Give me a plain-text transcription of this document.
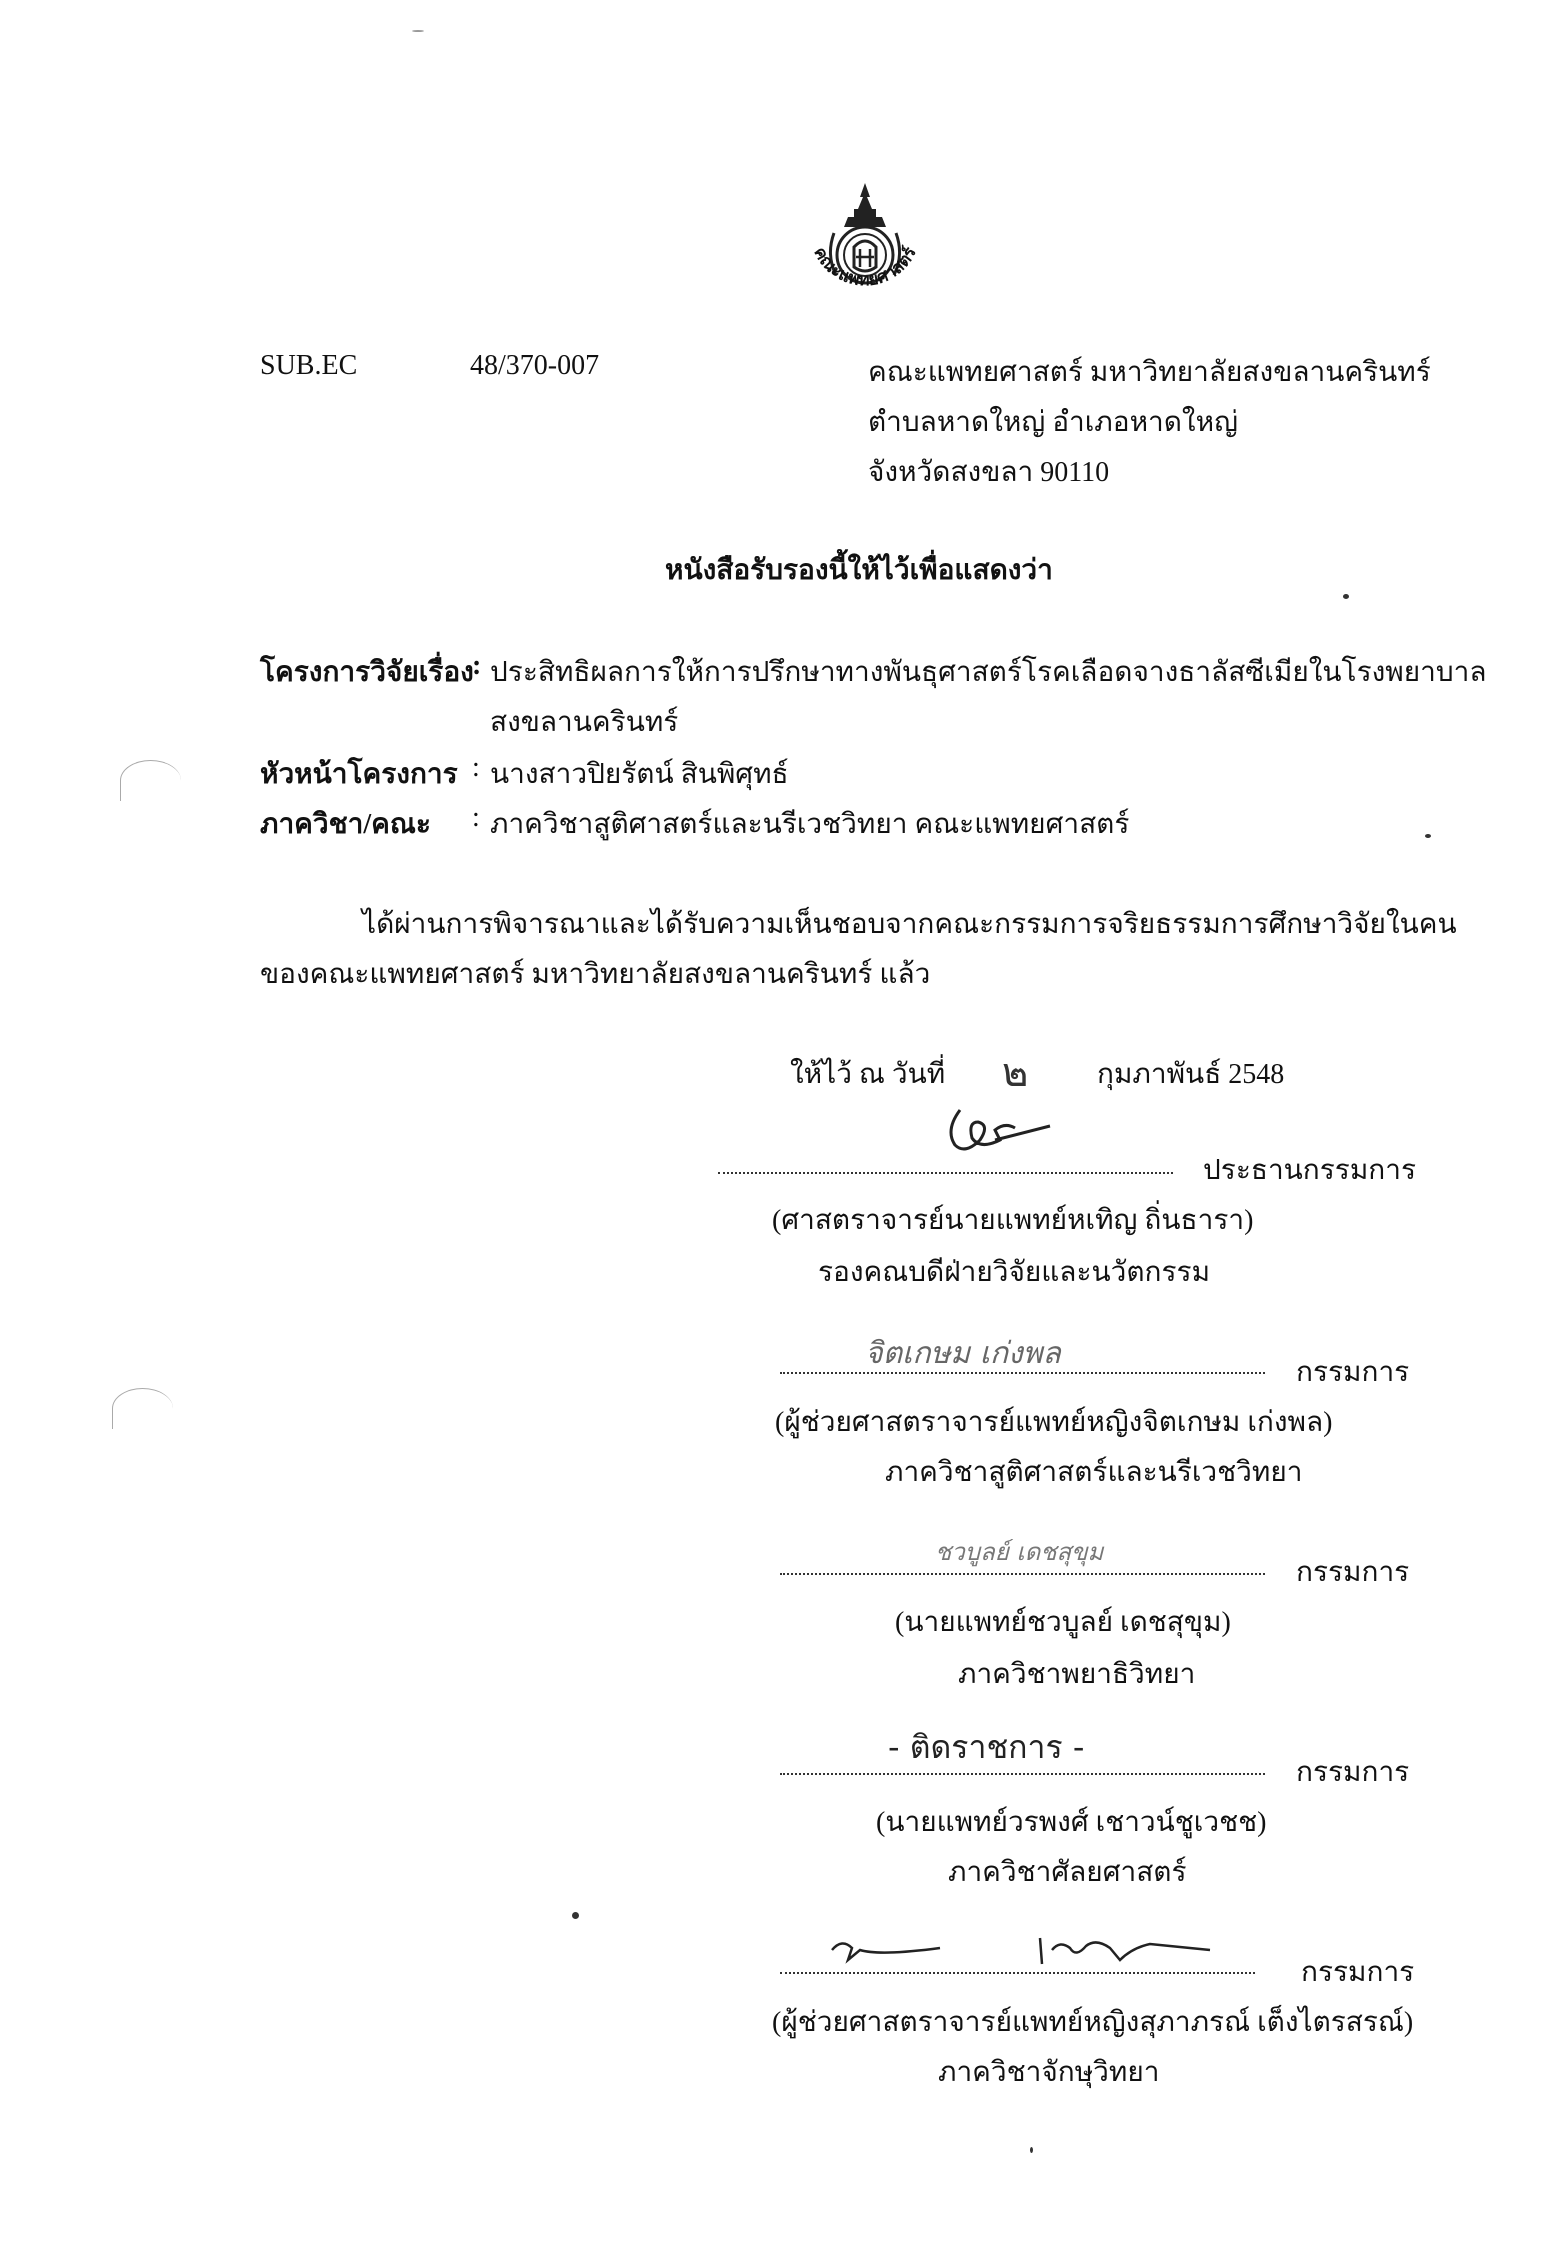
คณะแพทยศาสตร์
SUB.EC	48/370-007	คณะแพทยศาสตร์ มหาวิทยาลัยสงขลานครินทร์
ตำบลหาดใหญ่ อำเภอหาดใหญ่
จังหวัดสงขลา 90110
หนังสือรับรองนี้ให้ไว้เพื่อแสดงว่า
โครงการวิจัยเรื่อง
: ประสิทธิผลการให้การปรึกษาทางพันธุศาสตร์โรคเลือดจางธาลัสซีเมียในโรงพยาบาล
สงขลานครินทร์
หัวหน้าโครงการ : นางสาวปิยรัตน์ สินพิศุทธ์
ภาควิชา/คณะ : ภาควิชาสูติศาสตร์และนรีเวชวิทยา คณะแพทยศาสตร์
ได้ผ่านการพิจารณาและได้รับความเห็นชอบจากคณะกรรมการจริยธรรมการศึกษาวิจัยในคน
ของคณะแพทยศาสตร์ มหาวิทยาลัยสงขลานครินทร์ แล้ว
ให้ไว้ ณ วันที่ ๒ กุมภาพันธ์ 2548
ประธานกรรมการ
(ศาสตราจารย์นายแพทย์หเทิญ ถิ่นธารา)
รองคณบดีฝ่ายวิจัยและนวัตกรรม
จิตเกษม เก่งพล
กรรมการ
(ผู้ช่วยศาสตราจารย์แพทย์หญิงจิตเกษม เก่งพล)
ภาควิชาสูติศาสตร์และนรีเวชวิทยา
ชวบูลย์ เดชสุขุม
กรรมการ
(นายแพทย์ชวบูลย์ เดชสุขุม)
ภาควิชาพยาธิวิทยา
- ติดราชการ -
กรรมการ
(นายแพทย์วรพงศ์ เชาวน์ชูเวชช)
ภาควิชาศัลยศาสตร์
กรรมการ
(ผู้ช่วยศาสตราจารย์แพทย์หญิงสุภาภรณ์ เต็งไตรสรณ์)
ภาควิชาจักษุวิทยา
